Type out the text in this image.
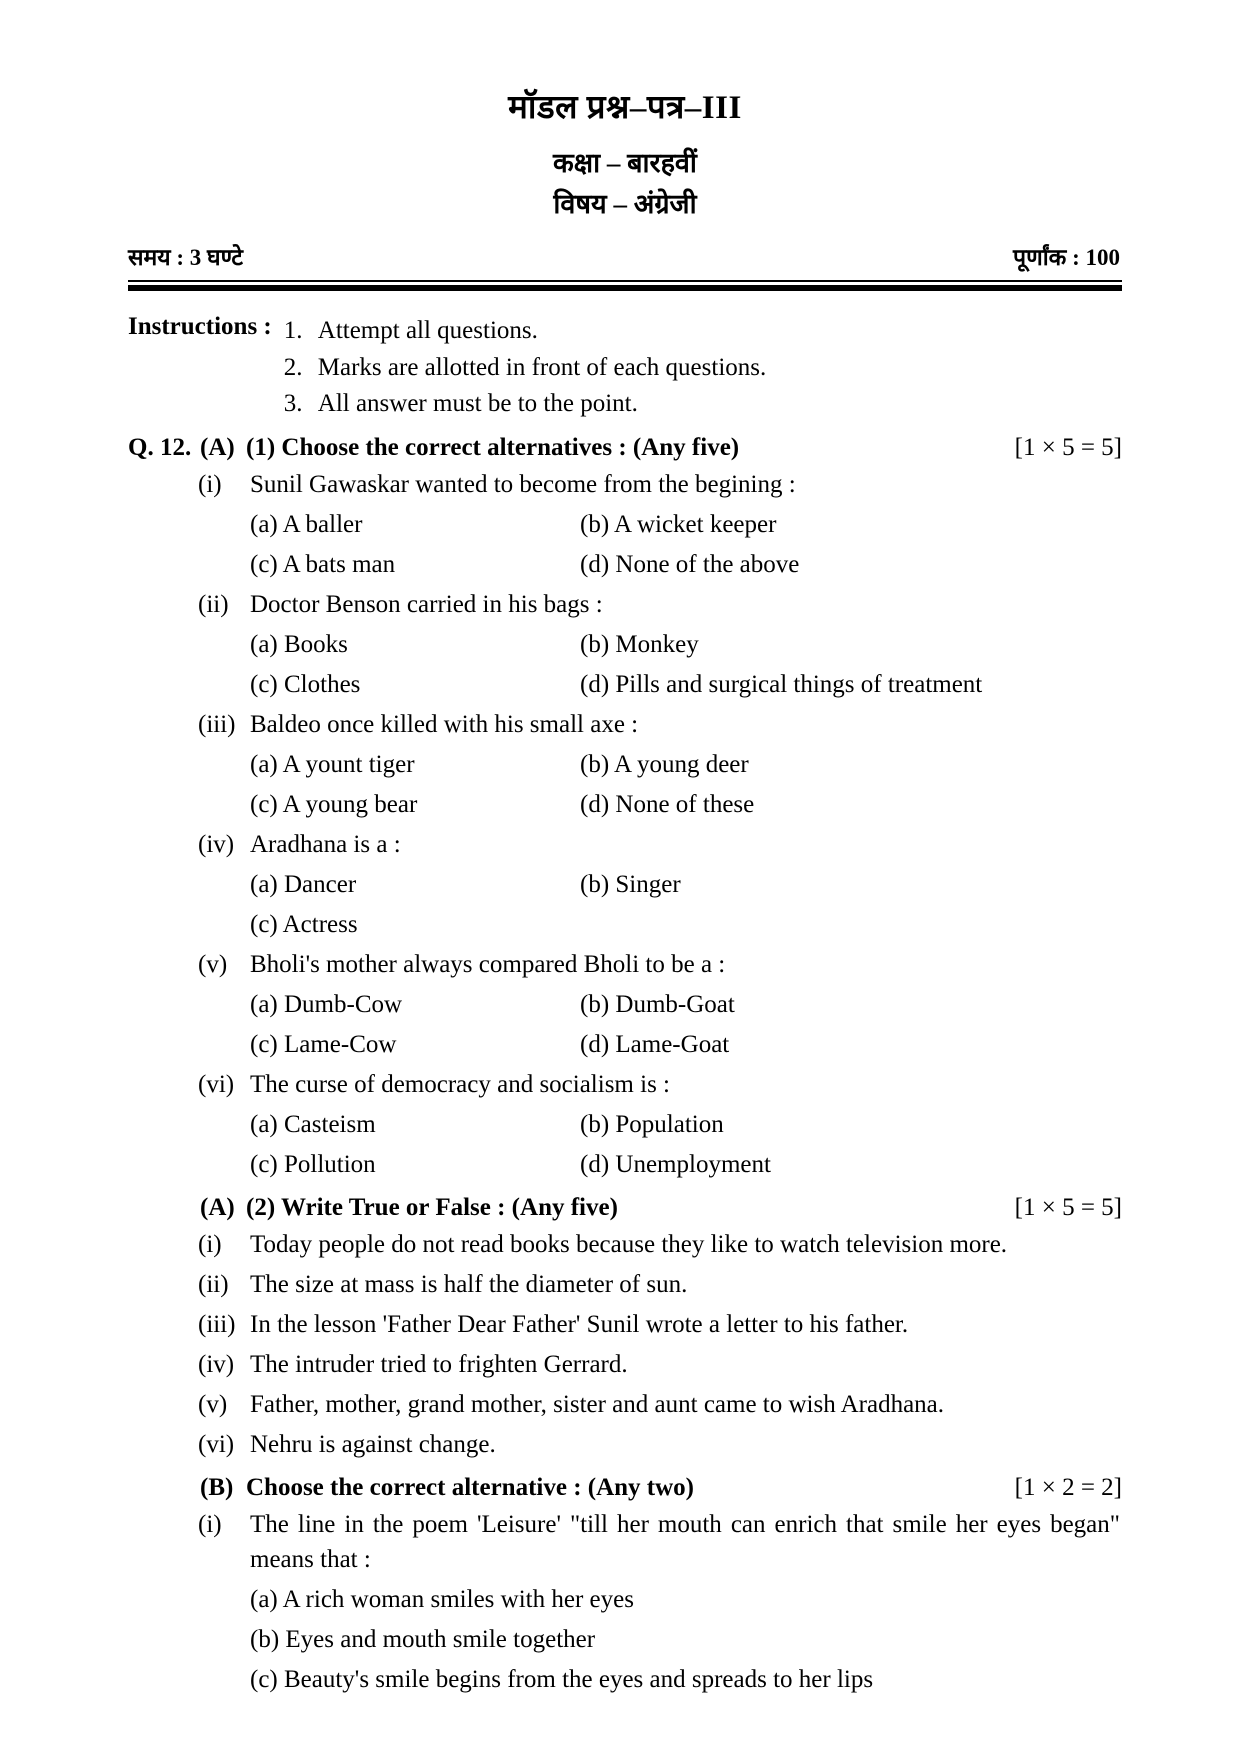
मॉडल प्रश्न–पत्र–III
कक्षा – बारहवीं
विषय – अंग्रेजी
समय : 3 घण्टे	पूर्णांक : 100
Instructions : 1. Attempt all questions.
2. Marks are allotted in front of each questions.
3. All answer must be to the point.
Q. 12. (A) (1) Choose the correct alternatives : (Any five)	[1 × 5 = 5]
(i)	Sunil Gawaskar wanted to become from the begining :
(a) A baller	(b) A wicket keeper
(c) A bats man	(d) None of the above
(ii) Doctor Benson carried in his bags :
(a) Books	(b) Monkey
(c) Clothes	(d) Pills and surgical things of treatment
(iii) Baldeo once killed with his small axe :
(a) A yount tiger	(b) A young deer
(c) A young bear	(d) None of these
(iv) Aradhana is a :
(a) Dancer	(b) Singer
(c) Actress
(v) Bholi's mother always compared Bholi to be a :
(a) Dumb-Cow	(b) Dumb-Goat
(c) Lame-Cow	(d) Lame-Goat
(vi) The curse of democracy and socialism is :
(a) Casteism	(b) Population
(c) Pollution	(d) Unemployment
(A) (2) Write True or False : (Any five)	[1 × 5 = 5]
(i)	Today people do not read books because they like to watch television more.
(ii) The size at mass is half the diameter of sun.
(iii) In the lesson 'Father Dear Father' Sunil wrote a letter to his father.
(iv) The intruder tried to frighten Gerrard.
(v) Father, mother, grand mother, sister and aunt came to wish Aradhana.
(vi) Nehru is against change.
(B) Choose the correct alternative : (Any two)	[1 × 2 = 2]
(i)	The line in the poem 'Leisure' "till her mouth can enrich that smile her eyes began" means that :
(a) A rich woman smiles with her eyes
(b) Eyes and mouth smile together
(c) Beauty's smile begins from the eyes and spreads to her lips
